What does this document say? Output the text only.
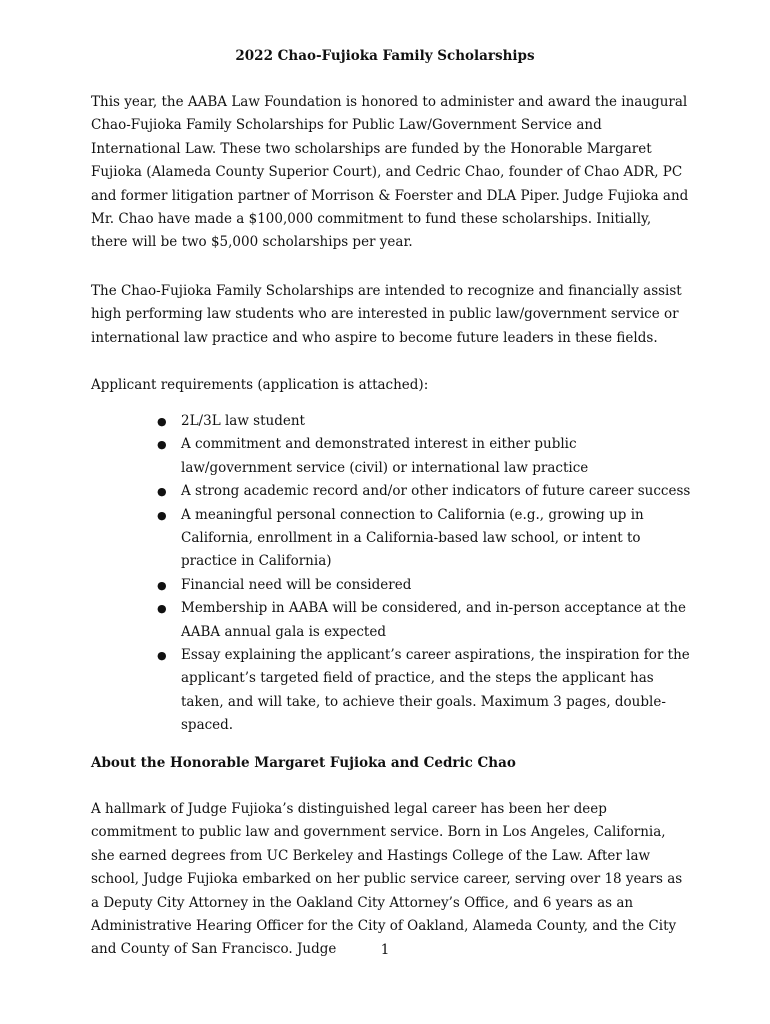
2022 Chao-Fujioka Family Scholarships

This year, the AABA Law Foundation is honored to administer and award the inaugural Chao-Fujioka Family Scholarships for Public Law/Government Service and International Law. These two scholarships are funded by the Honorable Margaret Fujioka (Alameda County Superior Court), and Cedric Chao, founder of Chao ADR, PC and former litigation partner of Morrison & Foerster and DLA Piper. Judge Fujioka and Mr. Chao have made a $100,000 commitment to fund these scholarships. Initially, there will be two $5,000 scholarships per year.

The Chao-Fujioka Family Scholarships are intended to recognize and financially assist high performing law students who are interested in public law/government service or international law practice and who aspire to become future leaders in these fields.

Applicant requirements (application is attached):

● 2L/3L law student
● A commitment and demonstrated interest in either public law/government service (civil) or international law practice
● A strong academic record and/or other indicators of future career success
● A meaningful personal connection to California (e.g., growing up in California, enrollment in a California-based law school, or intent to practice in California)
● Financial need will be considered
● Membership in AABA will be considered, and in-person acceptance at the AABA annual gala is expected
● Essay explaining the applicant’s career aspirations, the inspiration for the applicant’s targeted field of practice, and the steps the applicant has taken, and will take, to achieve their goals. Maximum 3 pages, double-spaced.
About the Honorable Margaret Fujioka and Cedric Chao

A hallmark of Judge Fujioka’s distinguished legal career has been her deep commitment to public law and government service. Born in Los Angeles, California, she earned degrees from UC Berkeley and Hastings College of the Law. After law school, Judge Fujioka embarked on her public service career, serving over 18 years as a Deputy City Attorney in the Oakland City Attorney’s Office, and 6 years as an Administrative Hearing Officer for the City of Oakland, Alameda County, and the City and County of San Francisco. Judge	1
